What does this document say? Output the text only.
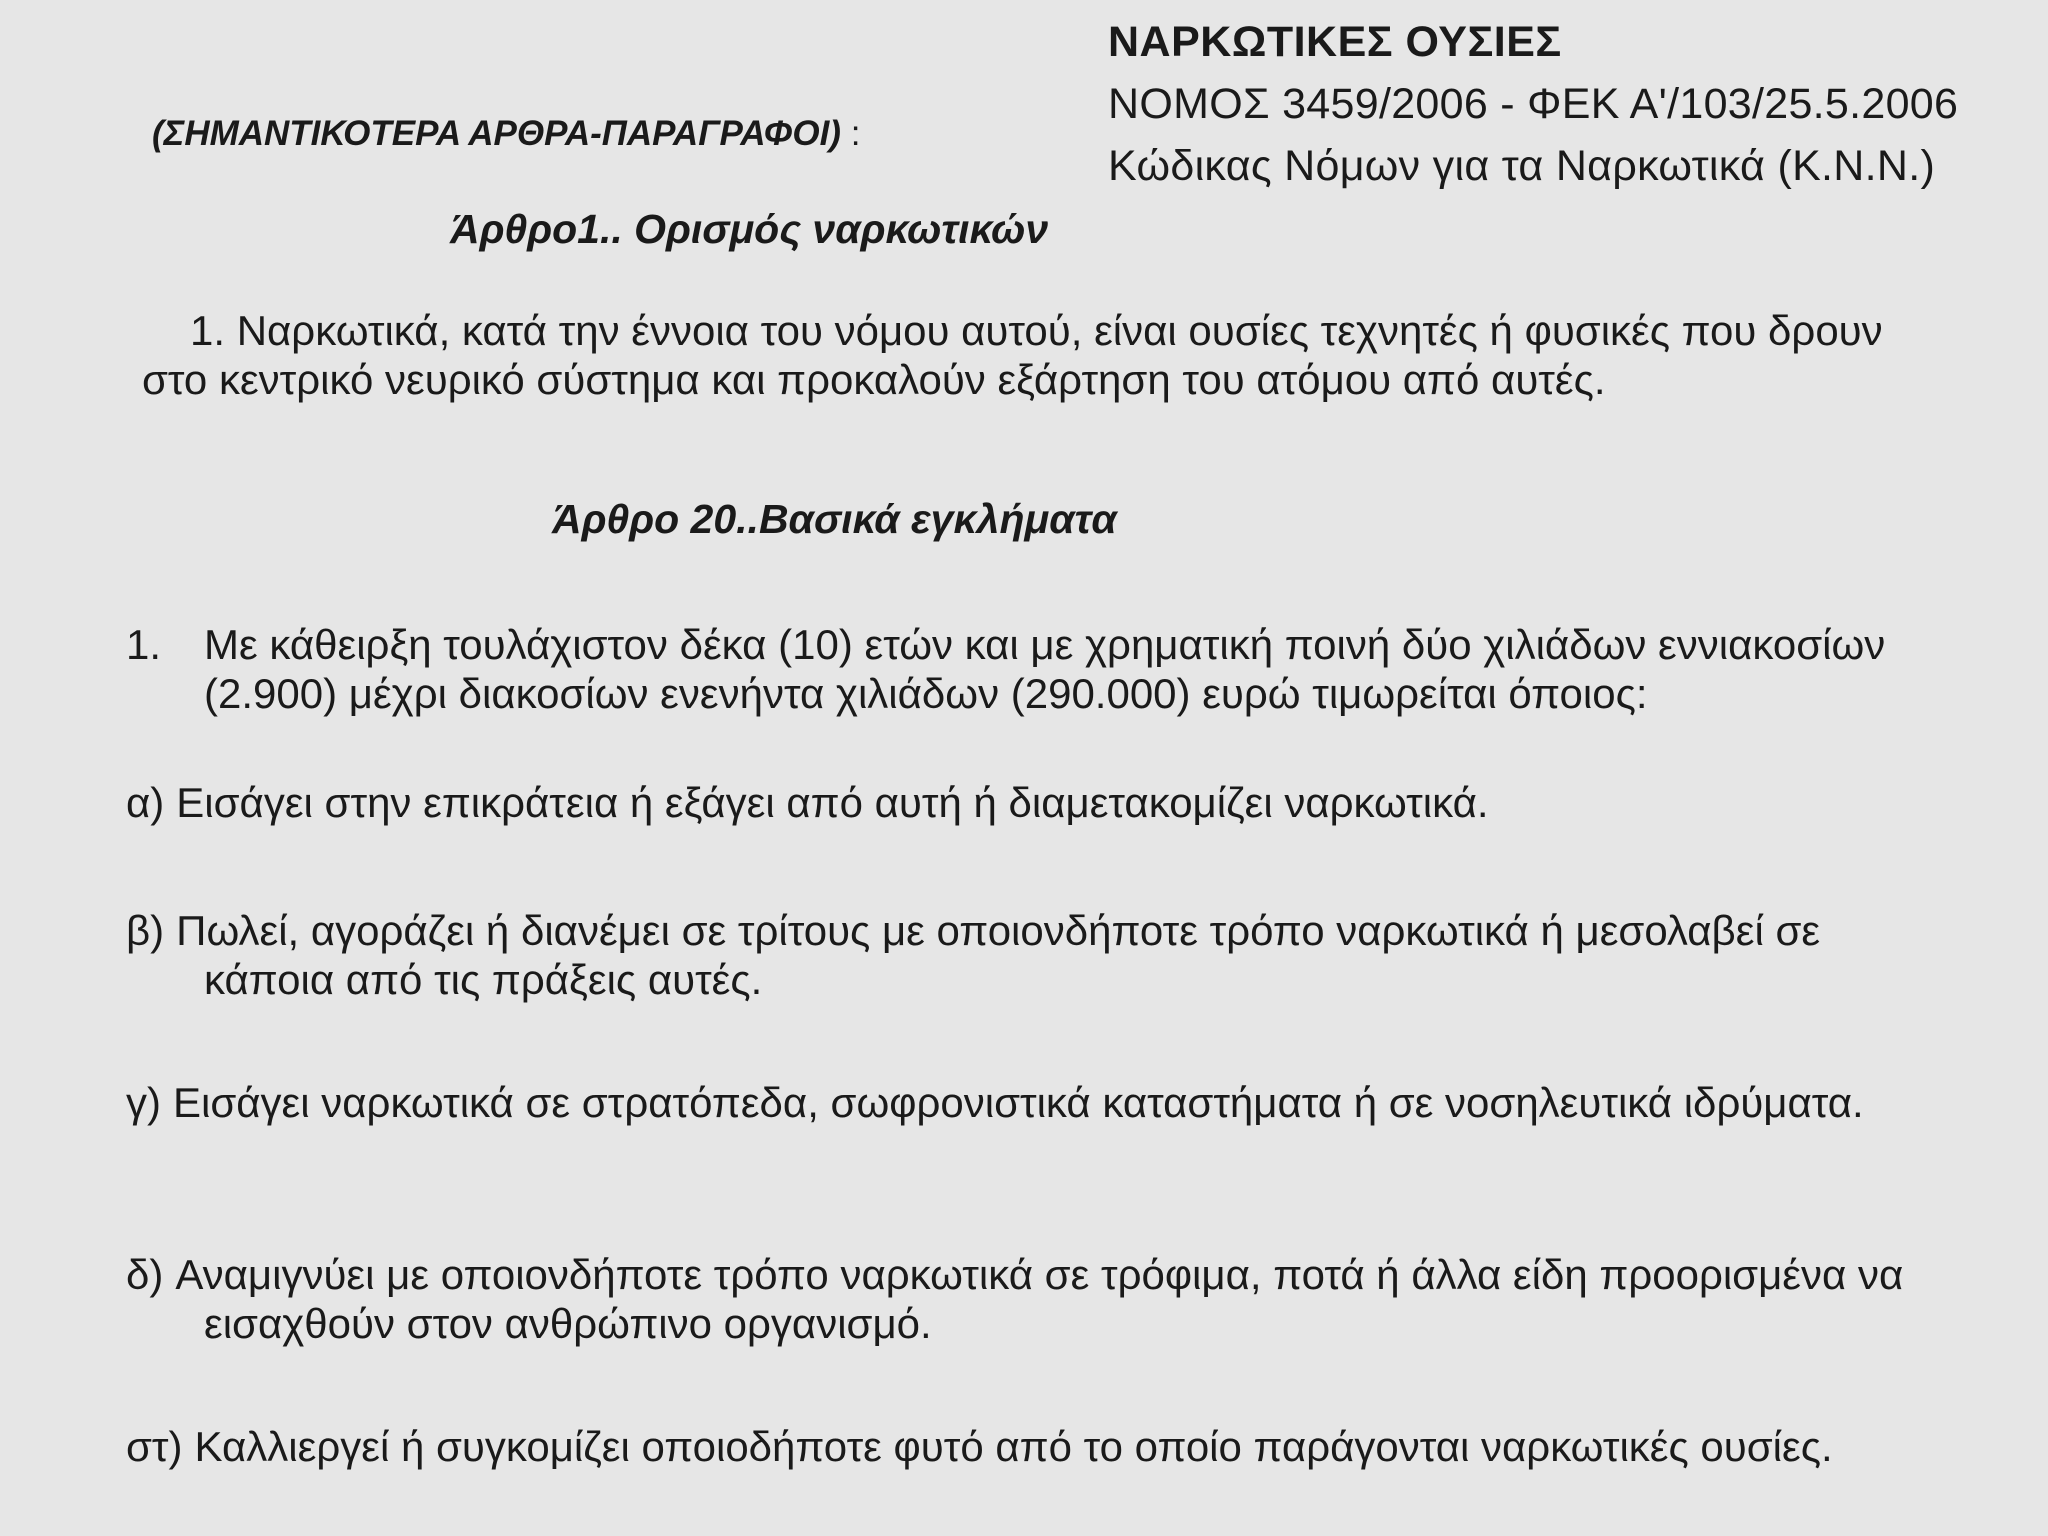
ΝΑΡΚΩΤΙΚΕΣ ΟΥΣΙΕΣ
ΝΟΜΟΣ 3459/2006 - ΦΕΚ Α'/103/25.5.2006
Κώδικας Νόμων για τα Ναρκωτικά (Κ.Ν.Ν.)
(ΣΗΜΑΝΤΙΚΟΤΕΡΑ ΑΡΘΡΑ-ΠΑΡΑΓΡΑΦΟΙ) :
Άρθρο1.. Ορισμός ναρκωτικών
1. Ναρκωτικά, κατά την έννοια του νόμου αυτού, είναι ουσίες τεχνητές ή φυσικές που δρουν στο κεντρικό νευρικό σύστημα και προκαλούν εξάρτηση του ατόμου από αυτές.
Άρθρο 20..Βασικά εγκλήματα
1. Με κάθειρξη τουλάχιστον δέκα (10) ετών και με χρηματική ποινή δύο χιλιάδων εννιακοσίων (2.900) μέχρι διακοσίων ενενήντα χιλιάδων (290.000) ευρώ τιμωρείται όποιος:
α) Εισάγει στην επικράτεια ή εξάγει από αυτή ή διαμετακομίζει ναρκωτικά.
β) Πωλεί, αγοράζει ή διανέμει σε τρίτους με οποιονδήποτε τρόπο ναρκωτικά ή μεσολαβεί σε κάποια από τις πράξεις αυτές.
γ) Εισάγει ναρκωτικά σε στρατόπεδα, σωφρονιστικά καταστήματα ή σε νοσηλευτικά ιδρύματα.
δ) Αναμιγνύει με οποιονδήποτε τρόπο ναρκωτικά σε τρόφιμα, ποτά ή άλλα είδη προορισμένα να εισαχθούν στον ανθρώπινο οργανισμό.
στ) Καλλιεργεί ή συγκομίζει οποιοδήποτε φυτό από το οποίο παράγονται ναρκωτικές ουσίες.
